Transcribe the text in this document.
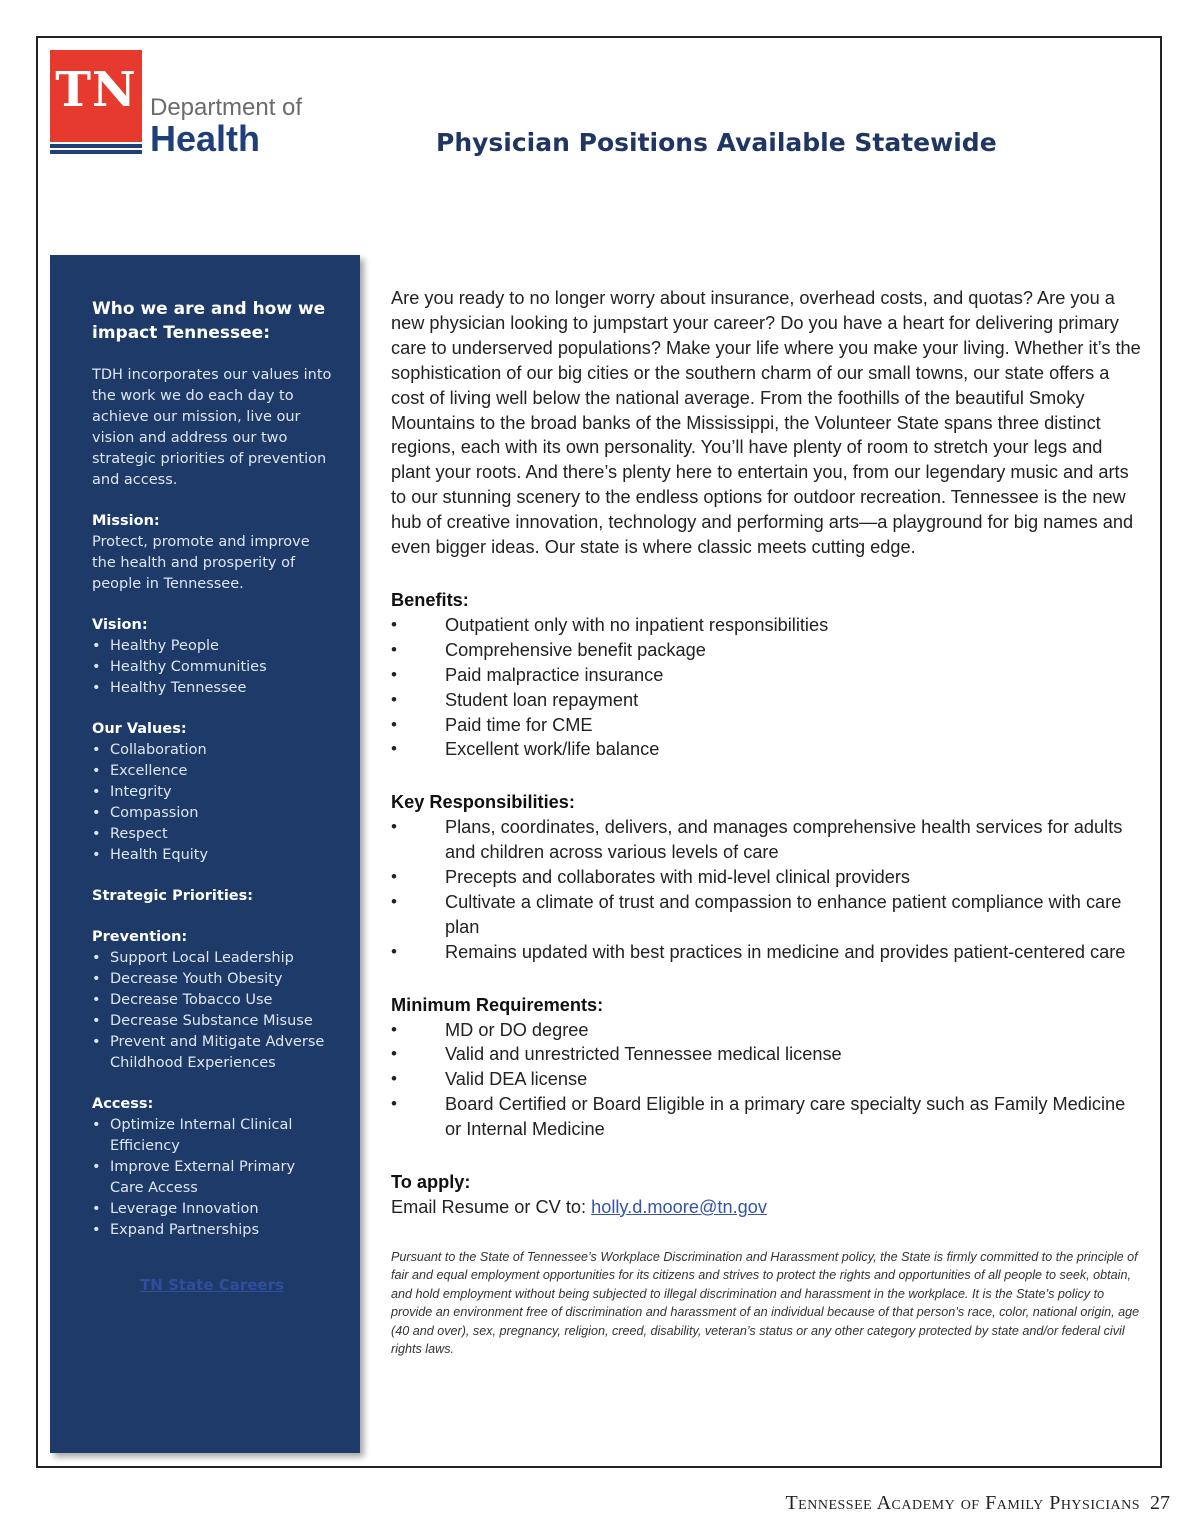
TN Department of
Health	Physician Positions Available Statewide
Who we are and how we impact Tennessee:
TDH incorporates our values into the work we do each day to achieve our mission, live our vision and address our two strategic priorities of prevention and access.
Mission:
Protect, promote and improve the health and prosperity of people in Tennessee.
Vision:
• Healthy People
• Healthy Communities
• Healthy Tennessee
Our Values:
• Collaboration
• Excellence
• Integrity
• Compassion
• Respect
• Health Equity
Strategic Priorities:
Prevention:
• Support Local Leadership
• Decrease Youth Obesity
• Decrease Tobacco Use
• Decrease Substance Misuse
• Prevent and Mitigate Adverse Childhood Experiences
Access:
• Optimize Internal Clinical Efficiency
• Improve External Primary Care Access
• Leverage Innovation
• Expand Partnerships
TN State Careers

Are you ready to no longer worry about insurance, overhead costs, and quotas? Are you a new physician looking to jumpstart your career? Do you have a heart for delivering primary care to underserved populations? Make your life where you make your living. Whether it’s the sophistication of our big cities or the southern charm of our small towns, our state offers a cost of living well below the national average. From the foothills of the beautiful Smoky Mountains to the broad banks of the Mississippi, the Volunteer State spans three distinct regions, each with its own personality. You’ll have plenty of room to stretch your legs and plant your roots. And there’s plenty here to entertain you, from our legendary music and arts to our stunning scenery to the endless options for outdoor recreation. Tennessee is the new hub of creative innovation, technology and performing arts—a playground for big names and even bigger ideas. Our state is where classic meets cutting edge.

Benefits:
• Outpatient only with no inpatient responsibilities
• Comprehensive benefit package
• Paid malpractice insurance
• Student loan repayment
• Paid time for CME
• Excellent work/life balance
Key Responsibilities:
• Plans, coordinates, delivers, and manages comprehensive health services for adults and children across various levels of care
• Precepts and collaborates with mid-level clinical providers
• Cultivate a climate of trust and compassion to enhance patient compliance with care plan
• Remains updated with best practices in medicine and provides patient-centered care
Minimum Requirements:
• MD or DO degree
• Valid and unrestricted Tennessee medical license
• Valid DEA license
• Board Certified or Board Eligible in a primary care specialty such as Family Medicine or Internal Medicine
To apply:
Email Resume or CV to: holly.d.moore@tn.gov
Pursuant to the State of Tennessee’s Workplace Discrimination and Harassment policy, the State is firmly committed to the principle of fair and equal employment opportunities for its citizens and strives to protect the rights and opportunities of all people to seek, obtain, and hold employment without being subjected to illegal discrimination and harassment in the workplace. It is the State’s policy to provide an environment free of discrimination and harassment of an individual because of that person’s race, color, national origin, age (40 and over), sex, pregnancy, religion, creed, disability, veteran’s status or any other category protected by state and/or federal civil rights laws.
Tennessee Academy of Family Physicians 27
